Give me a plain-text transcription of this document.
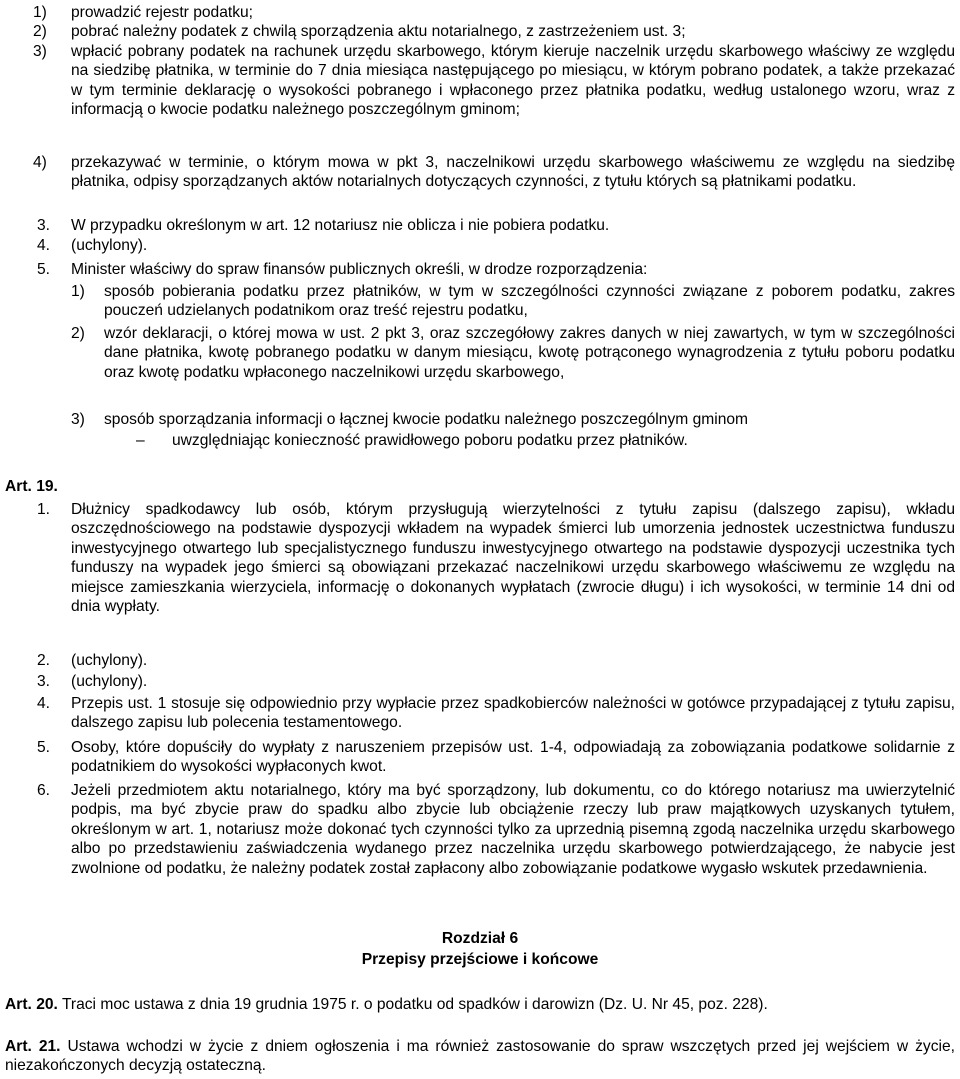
1) prowadzić rejestr podatku;
2) pobrać należny podatek z chwilą sporządzenia aktu notarialnego, z zastrzeżeniem ust. 3;
3) wpłacić pobrany podatek na rachunek urzędu skarbowego, którym kieruje naczelnik urzędu skarbowego właściwy ze względu na siedzibę płatnika, w terminie do 7 dnia miesiąca następującego po miesiącu, w którym pobrano podatek, a także przekazać w tym terminie deklarację o wysokości pobranego i wpłaconego przez płatnika podatku, według ustalonego wzoru, wraz z informacją o kwocie podatku należnego poszczególnym gminom;
4) przekazywać w terminie, o którym mowa w pkt 3, naczelnikowi urzędu skarbowego właściwemu ze względu na siedzibę płatnika, odpisy sporządzanych aktów notarialnych dotyczących czynności, z tytułu których są płatnikami podatku.
3. W przypadku określonym w art. 12 notariusz nie oblicza i nie pobiera podatku.
4. (uchylony).
5. Minister właściwy do spraw finansów publicznych określi, w drodze rozporządzenia:
1) sposób pobierania podatku przez płatników, w tym w szczególności czynności związane z poborem podatku, zakres pouczeń udzielanych podatnikom oraz treść rejestru podatku,
2) wzór deklaracji, o której mowa w ust. 2 pkt 3, oraz szczegółowy zakres danych w niej zawartych, w tym w szczególności dane płatnika, kwotę pobranego podatku w danym miesiącu, kwotę potrąconego wynagrodzenia z tytułu poboru podatku oraz kwotę podatku wpłaconego naczelnikowi urzędu skarbowego,
3) sposób sporządzania informacji o łącznej kwocie podatku należnego poszczególnym gminom
– uwzględniając konieczność prawidłowego poboru podatku przez płatników.
Art. 19.
1. Dłużnicy spadkodawcy lub osób, którym przysługują wierzytelności z tytułu zapisu (dalszego zapisu), wkładu oszczędnościowego na podstawie dyspozycji wkładem na wypadek śmierci lub umorzenia jednostek uczestnictwa funduszu inwestycyjnego otwartego lub specjalistycznego funduszu inwestycyjnego otwartego na podstawie dyspozycji uczestnika tych funduszy na wypadek jego śmierci są obowiązani przekazać naczelnikowi urzędu skarbowego właściwemu ze względu na miejsce zamieszkania wierzyciela, informację o dokonanych wypłatach (zwrocie długu) i ich wysokości, w terminie 14 dni od dnia wypłaty.
2. (uchylony).
3. (uchylony).
4. Przepis ust. 1 stosuje się odpowiednio przy wypłacie przez spadkobierców należności w gotówce przypadającej z tytułu zapisu, dalszego zapisu lub polecenia testamentowego.
5. Osoby, które dopuściły do wypłaty z naruszeniem przepisów ust. 1-4, odpowiadają za zobowiązania podatkowe solidarnie z podatnikiem do wysokości wypłaconych kwot.
6. Jeżeli przedmiotem aktu notarialnego, który ma być sporządzony, lub dokumentu, co do którego notariusz ma uwierzytelnić podpis, ma być zbycie praw do spadku albo zbycie lub obciążenie rzeczy lub praw majątkowych uzyskanych tytułem, określonym w art. 1, notariusz może dokonać tych czynności tylko za uprzednią pisemną zgodą naczelnika urzędu skarbowego albo po przedstawieniu zaświadczenia wydanego przez naczelnika urzędu skarbowego potwierdzającego, że nabycie jest zwolnione od podatku, że należny podatek został zapłacony albo zobowiązanie podatkowe wygasło wskutek przedawnienia.
Rozdział 6
Przepisy przejściowe i końcowe
Art. 20. Traci moc ustawa z dnia 19 grudnia 1975 r. o podatku od spadków i darowizn (Dz. U. Nr 45, poz. 228).
Art. 21. Ustawa wchodzi w życie z dniem ogłoszenia i ma również zastosowanie do spraw wszczętych przed jej wejściem w życie, niezakończonych decyzją ostateczną.
